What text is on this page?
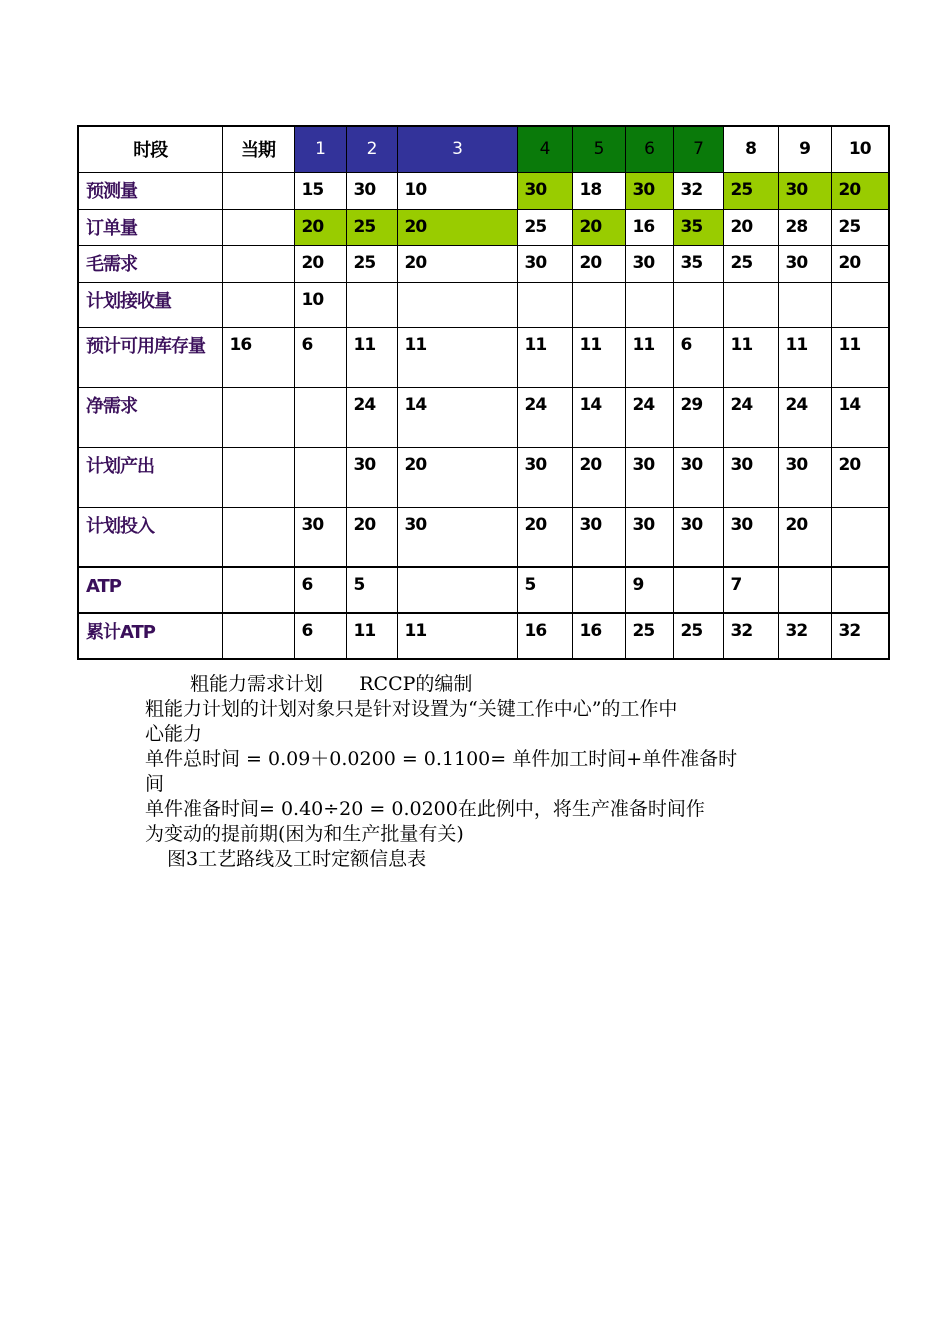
时段	当期	1	2	3	4	5	6	7	8	9	10
预测量		15	30	10	30	18	30	32	25	30	20
订单量		20	25	20	25	20	16	35	20	28	25
毛需求		20	25	20	30	20	30	35	25	30	20
计划接收量		10									
预计可用库存量	16	6	11	11	11	11	11	6	11	11	11
净需求			24	14	24	14	24	29	24	24	14
计划产出			30	20	30	20	30	30	30	30	20
计划投入		30	20	30	20	30	30	30	30	20	
ATP		6	5		5		9		7		
累计ATP		6	11	11	16	16	25	25	32	32	32
粗能力需求计划      RCCP的编制
粗能力计划的计划对象只是针对设置为“关键工作中心”的工作中
心能力
单件总时间 = 0.09＋0.0200 = 0.1100= 单件加工时间+单件准备时
间
单件准备时间= 0.40÷20 = 0.0200在此例中，将生产准备时间作
为变动的提前期(困为和生产批量有关)
图3工艺路线及工时定额信息表
